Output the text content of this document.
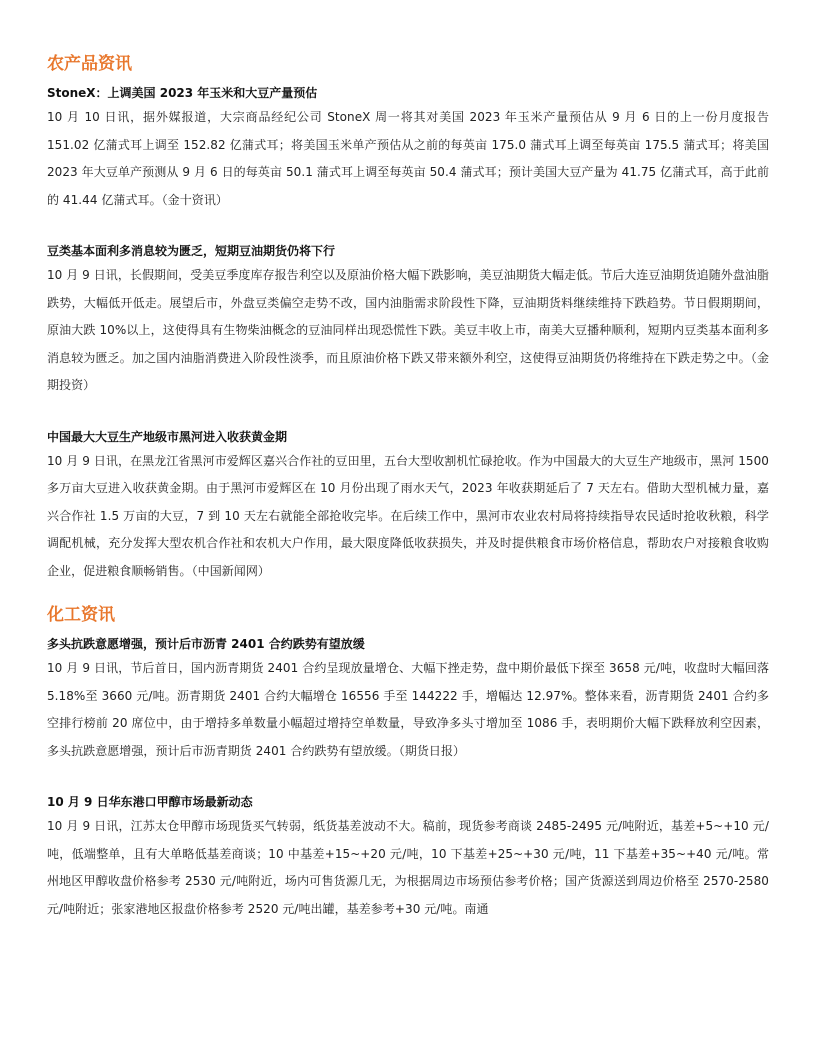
农产品资讯
StoneX：上调美国 2023 年玉米和大豆产量预估

10 月 10 日讯，据外媒报道，大宗商品经纪公司 StoneX 周一将其对美国 2023 年玉米产量预估从 9 月 6 日的上一份月度报告 151.02 亿蒲式耳上调至 152.82 亿蒲式耳；将美国玉米单产预估从之前的每英亩 175.0 蒲式耳上调至每英亩 175.5 蒲式耳；将美国 2023 年大豆单产预测从 9 月 6 日的每英亩 50.1 蒲式耳上调至每英亩 50.4 蒲式耳；预计美国大豆产量为 41.75 亿蒲式耳，高于此前的 41.44 亿蒲式耳。（金十资讯）

豆类基本面利多消息较为匮乏，短期豆油期货仍将下行

10 月 9 日讯，长假期间，受美豆季度库存报告利空以及原油价格大幅下跌影响，美豆油期货大幅走低。节后大连豆油期货追随外盘油脂跌势，大幅低开低走。展望后市，外盘豆类偏空走势不改，国内油脂需求阶段性下降，豆油期货料继续维持下跌趋势。节日假期期间，原油大跌 10%以上，这使得具有生物柴油概念的豆油同样出现恐慌性下跌。美豆丰收上市，南美大豆播种顺利，短期内豆类基本面利多消息较为匮乏。加之国内油脂消费进入阶段性淡季，而且原油价格下跌又带来额外利空，这使得豆油期货仍将维持在下跌走势之中。（金期投资）

中国最大大豆生产地级市黑河进入收获黄金期

10 月 9 日讯，在黑龙江省黑河市爱辉区嘉兴合作社的豆田里，五台大型收割机忙碌抢收。作为中国最大的大豆生产地级市，黑河 1500 多万亩大豆进入收获黄金期。由于黑河市爱辉区在 10 月份出现了雨水天气，2023 年收获期延后了 7 天左右。借助大型机械力量，嘉兴合作社 1.5 万亩的大豆，7 到 10 天左右就能全部抢收完毕。在后续工作中，黑河市农业农村局将持续指导农民适时抢收秋粮，科学调配机械，充分发挥大型农机合作社和农机大户作用，最大限度降低收获损失，并及时提供粮食市场价格信息，帮助农户对接粮食收购企业，促进粮食顺畅销售。（中国新闻网）

化工资讯
多头抗跌意愿增强，预计后市沥青 2401 合约跌势有望放缓

10 月 9 日讯，节后首日，国内沥青期货 2401 合约呈现放量增仓、大幅下挫走势，盘中期价最低下探至 3658 元/吨，收盘时大幅回落 5.18%至 3660 元/吨。沥青期货 2401 合约大幅增仓 16556 手至 144222 手，增幅达 12.97%。整体来看，沥青期货 2401 合约多空排行榜前 20 席位中，由于增持多单数量小幅超过增持空单数量，导致净多头寸增加至 1086 手，表明期价大幅下跌释放利空因素，多头抗跌意愿增强，预计后市沥青期货 2401 合约跌势有望放缓。（期货日报）

10 月 9 日华东港口甲醇市场最新动态

10 月 9 日讯，江苏太仓甲醇市场现货买气转弱，纸货基差波动不大。稿前，现货参考商谈 2485-2495 元/吨附近，基差+5~+10 元/吨，低端整单，且有大单略低基差商谈；10 中基差+15~+20 元/吨，10 下基差+25~+30 元/吨，11 下基差+35~+40 元/吨。常州地区甲醇收盘价格参考 2530 元/吨附近，场内可售货源几无，为根据周边市场预估参考价格；国产货源送到周边价格至 2570-2580 元/吨附近；张家港地区报盘价格参考 2520 元/吨出罐，基差参考+30 元/吨。南通
